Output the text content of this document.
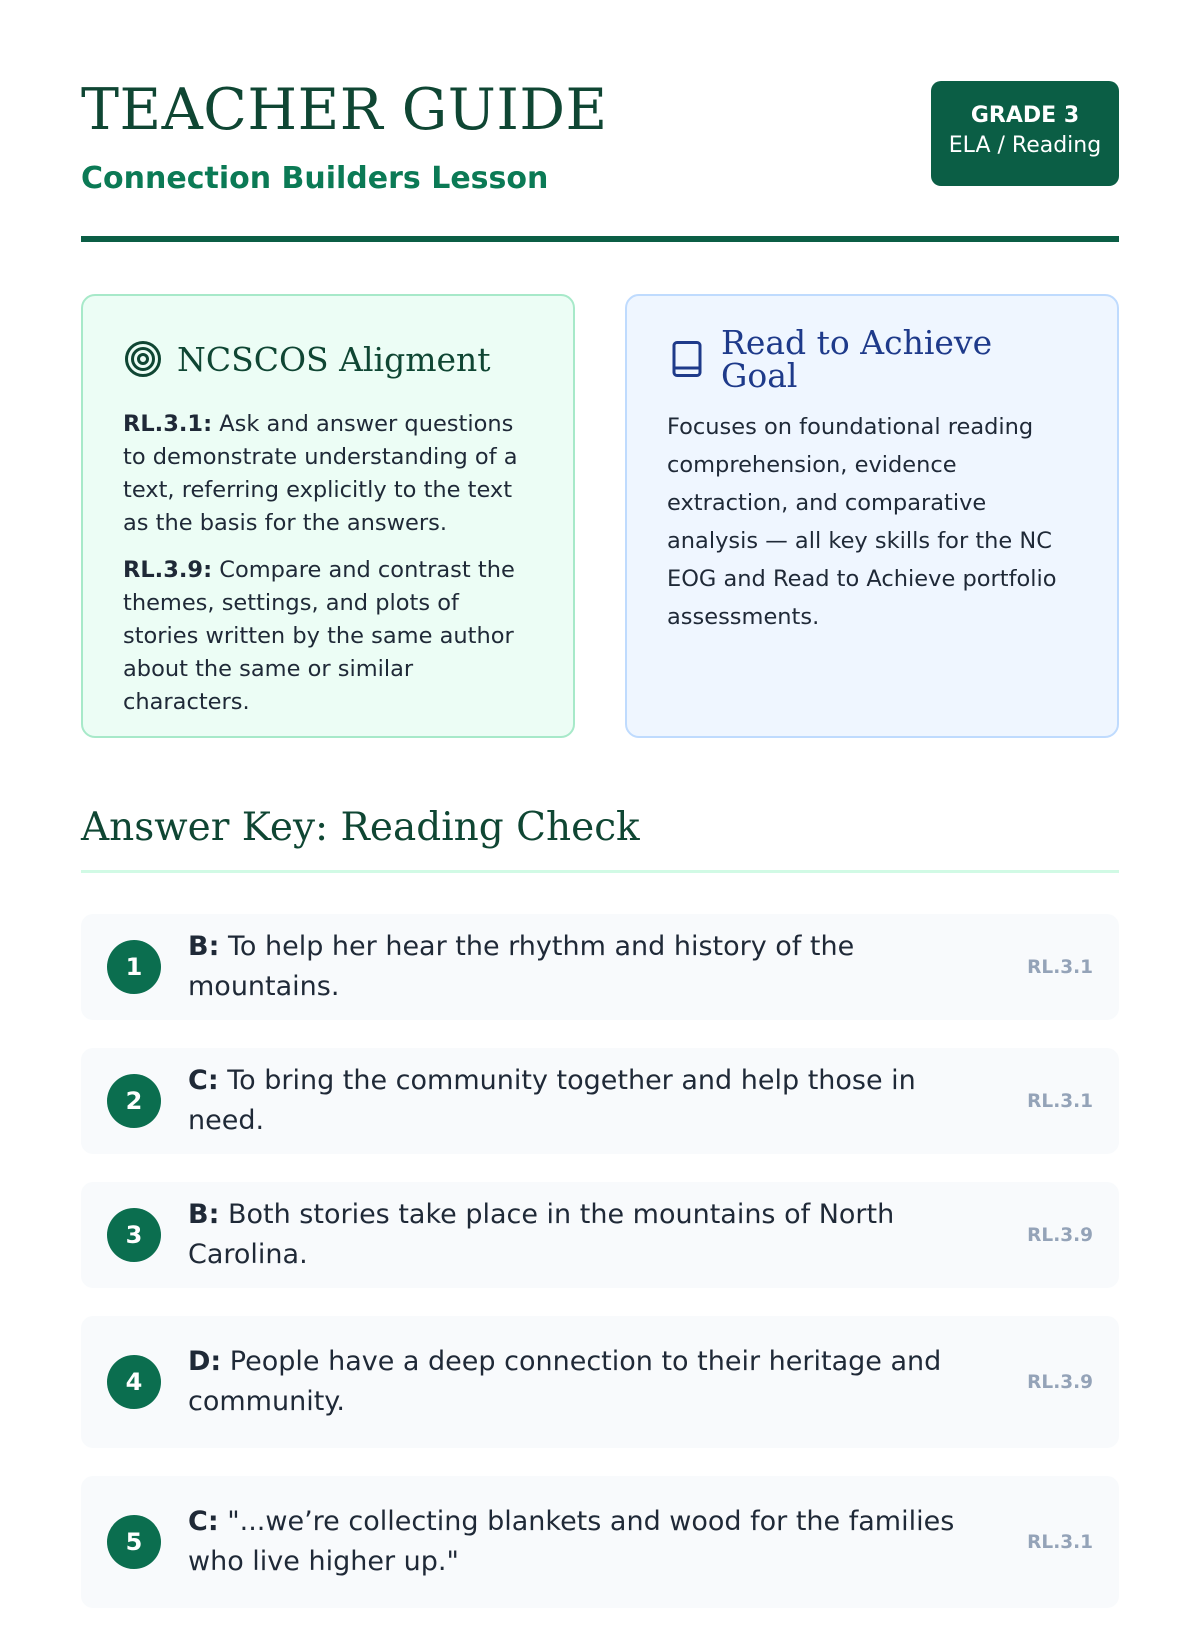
TEACHER GUIDE
Connection Builders Lesson
GRADE 3
ELA / Reading
NCSCOS Aligment

RL.3.1: Ask and answer questions to demonstrate understanding of a text, referring explicitly to the text as the basis for the answers.

RL.3.9: Compare and contrast the themes, settings, and plots of stories written by the same author about the same or similar characters.

Read to Achieve Goal

Focuses on foundational reading comprehension, evidence extraction, and comparative analysis — all key skills for the NC EOG and Read to Achieve portfolio assessments.

Answer Key: Reading Check
1
B: To help her hear the rhythm and history of the mountains.
RL.3.1
2
C: To bring the community together and help those in need.
RL.3.1
3
B: Both stories take place in the mountains of North Carolina.
RL.3.9
4
D: People have a deep connection to their heritage and community.
RL.3.9
5
C: "...we’re collecting blankets and wood for the families who live higher up."
RL.3.1
